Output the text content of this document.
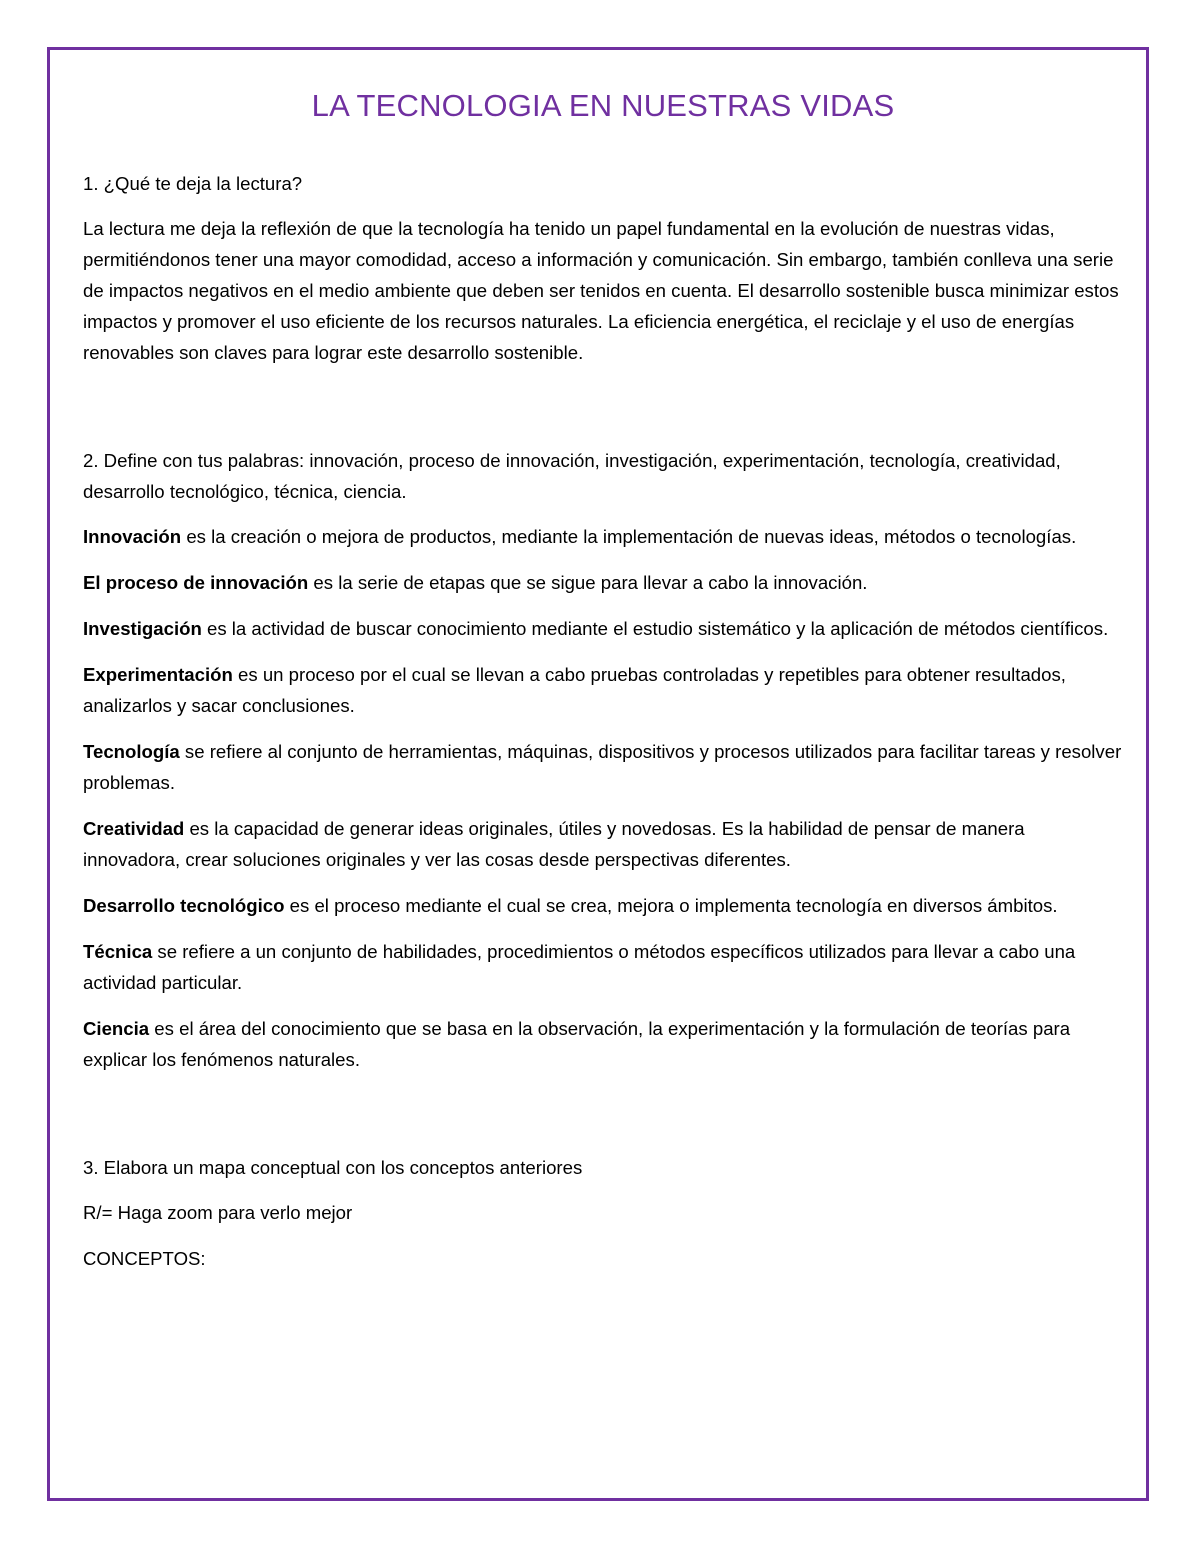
LA TECNOLOGIA EN NUESTRAS VIDAS

1. ¿Qué te deja la lectura?

La lectura me deja la reflexión de que la tecnología ha tenido un papel fundamental en la evolución de nuestras vidas, permitiéndonos tener una mayor comodidad, acceso a información y comunicación. Sin embargo, también conlleva una serie de impactos negativos en el medio ambiente que deben ser tenidos en cuenta. El desarrollo sostenible busca minimizar estos impactos y promover el uso eficiente de los recursos naturales. La eficiencia energética, el reciclaje y el uso de energías renovables son claves para lograr este desarrollo sostenible.

2. Define con tus palabras: innovación, proceso de innovación, investigación, experimentación, tecnología, creatividad, desarrollo tecnológico, técnica, ciencia.

Innovación es la creación o mejora de productos, mediante la implementación de nuevas ideas, métodos o tecnologías.

El proceso de innovación es la serie de etapas que se sigue para llevar a cabo la innovación.

Investigación es la actividad de buscar conocimiento mediante el estudio sistemático y la aplicación de métodos científicos.

Experimentación es un proceso por el cual se llevan a cabo pruebas controladas y repetibles para obtener resultados, analizarlos y sacar conclusiones.

Tecnología se refiere al conjunto de herramientas, máquinas, dispositivos y procesos utilizados para facilitar tareas y resolver problemas.

Creatividad es la capacidad de generar ideas originales, útiles y novedosas. Es la habilidad de pensar de manera innovadora, crear soluciones originales y ver las cosas desde perspectivas diferentes.

Desarrollo tecnológico es el proceso mediante el cual se crea, mejora o implementa tecnología en diversos ámbitos.

Técnica se refiere a un conjunto de habilidades, procedimientos o métodos específicos utilizados para llevar a cabo una actividad particular.

Ciencia es el área del conocimiento que se basa en la observación, la experimentación y la formulación de teorías para explicar los fenómenos naturales.

3. Elabora un mapa conceptual con los conceptos anteriores

R/= Haga zoom para verlo mejor

CONCEPTOS:
